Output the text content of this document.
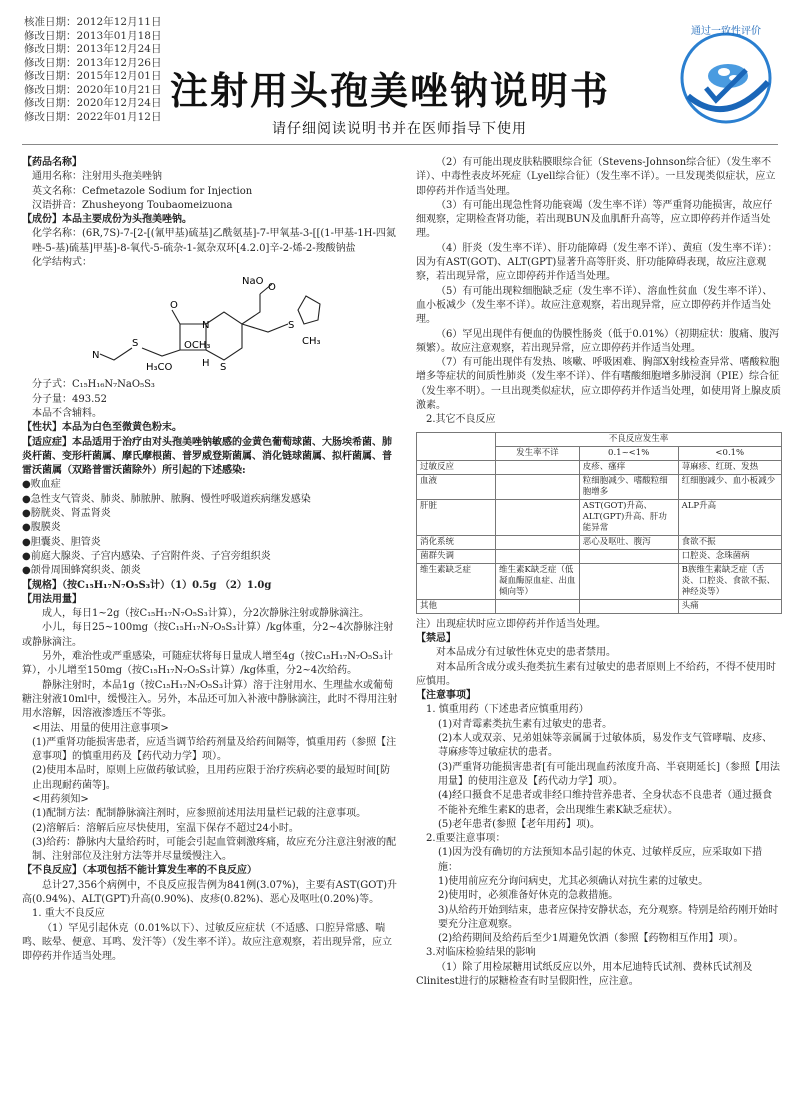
核准日期：2012年12月11日
修改日期：2013年01月18日
修改日期：2013年12月24日
修改日期：2013年12月26日
修改日期：2015年12月01日
修改日期：2020年10月21日
修改日期：2020年12月24日
修改日期：2022年01月12日
通过一致性评价
注射用头孢美唑钠说明书
请仔细阅读说明书并在医师指导下使用

【药品名称】

通用名称：注射用头孢美唑钠

英文名称：Cefmetazole Sodium for Injection

汉语拼音：Zhusheyong Toubaomeizuona

【成份】本品主要成份为头孢美唑钠。

化学名称：(6R,7S)-7-[2-[(氰甲基)硫基]乙酰氨基]-7-甲氧基-3-[[(1-甲基-1H-四氮唑-5-基)硫基]甲基]-8-氧代-5-硫杂-1-氮杂双环[4.2.0]辛-2-烯-2-羧酸钠盐

化学结构式：

NaO
O
O
N
H S
OCH₃
H₃CO
S
S
N
CH₃

分子式：C₁₅H₁₆N₇NaO₅S₃

分子量：493.52

本品不含辅料。

【性状】本品为白色至微黄色粉末。

【适应症】本品适用于治疗由对头孢美唑钠敏感的金黄色葡萄球菌、大肠埃希菌、肺炎杆菌、变形杆菌属、摩氏摩根菌、普罗威登斯菌属、消化链球菌属、拟杆菌属、普雷沃菌属（双路普雷沃菌除外）所引起的下述感染:

●败血症

●急性支气管炎、肺炎、肺脓肿、脓胸、慢性呼吸道疾病继发感染

●膀胱炎、肾盂肾炎

●腹膜炎

●胆囊炎、胆管炎

●前庭大腺炎、子宫内感染、子宫附件炎、子宫旁组织炎

●颌骨周围蜂窝织炎、颌炎

【规格】（按C₁₅H₁₇N₇O₅S₃计）（1）0.5g （2）1.0g

【用法用量】

成人，每日1~2g（按C₁₅H₁₇N₇O₅S₃计算），分2次静脉注射或静脉滴注。

小儿，每日25~100mg（按C₁₅H₁₇N₇O₅S₃计算）/kg体重，分2~4次静脉注射或静脉滴注。

另外，难治性或严重感染，可随症状将每日量成人增至4g（按C₁₅H₁₇N₇O₅S₃计算），小儿增至150mg（按C₁₅H₁₇N₇O₅S₃计算）/kg体重，分2~4次给药。

静脉注射时，本品1g（按C₁₅H₁₇N₇O₅S₃计算）溶于注射用水、生理盐水或葡萄糖注射液10ml中，缓慢注入。另外，本品还可加入补液中静脉滴注，此时不得用注射用水溶解，因溶液渗透压不等张。

<用法、用量的使用注意事项>

(1)严重肾功能损害患者，应适当调节给药剂量及给药间隔等，慎重用药（参照【注意事项】的慎重用药及【药代动力学】项）。

(2)使用本品时，原则上应做药敏试验，且用药应限于治疗疾病必要的最短时间[防止出现耐药菌等]。

<用药须知>

(1)配制方法：配制静脉滴注剂时，应参照前述用法用量栏记载的注意事项。

(2)溶解后：溶解后应尽快使用，室温下保存不超过24小时。

(3)给药：静脉内大量给药时，可能会引起血管刺激疼痛，故应充分注意注射液的配制、注射部位及注射方法等并尽量缓慢注入。

【不良反应】（本项包括不能计算发生率的不良反应）

总计27,356个病例中，不良反应报告例为841例(3.07%)，主要有AST(GOT)升高(0.94%)、ALT(GPT)升高(0.90%)、皮疹(0.82%)、恶心及呕吐(0.20%)等。

1. 重大不良反应

（1）罕见引起休克（0.01%以下）、过敏反应症状（不适感、口腔异常感、喘鸣、眩晕、便意、耳鸣、发汗等）（发生率不详）。故应注意观察，若出现异常，应立即停药并作适当处理。

（2）有可能出现皮肤粘膜眼综合征（Stevens-Johnson综合征）（发生率不详）、中毒性表皮坏死症（Lyell综合征）（发生率不详）。一旦发现类似症状，应立即停药并作适当处理。

（3）有可能出现急性肾功能衰竭（发生率不详）等严重肾功能损害，故应仔细观察，定期检查肾功能，若出现BUN及血肌酐升高等，应立即停药并作适当处理。

（4）肝炎（发生率不详）、肝功能障碍（发生率不详）、黄疸（发生率不详）：因为有AST(GOT)、ALT(GPT)显著升高等肝炎、肝功能障碍表现，故应注意观察，若出现异常，应立即停药并作适当处理。

（5）有可能出现粒细胞缺乏症（发生率不详）、溶血性贫血（发生率不详）、血小板减少（发生率不详）。故应注意观察，若出现异常，应立即停药并作适当处理。

（6）罕见出现伴有便血的伪膜性肠炎（低于0.01%）（初期症状：腹痛、腹泻频繁）。故应注意观察，若出现异常，应立即停药并作适当处理。

（7）有可能出现伴有发热、咳嗽、呼吸困难、胸部X射线检查异常、嗜酸粒胞增多等症状的间质性肺炎（发生率不详）、伴有嗜酸细胞增多肺浸润（PIE）综合征（发生率不明）。一旦出现类似症状，应立即停药并作适当处理，如使用肾上腺皮质激素。

2.其它不良反应

	不良反应发生率		
	发生率不详	0.1~<1%	<0.1%
过敏反应		皮疹、瘙痒	荨麻疹、红斑、发热
血液		粒细胞减少、嗜酸粒细胞增多	红细胞减少、血小板减少
肝脏		AST(GOT)升高、ALT(GPT)升高、肝功能异常	ALP升高
消化系统		恶心及呕吐、腹泻	食欲不振
菌群失调			口腔炎、念珠菌病
维生素缺乏症	维生素K缺乏症（低凝血酶原血症、出血倾向等）		B族维生素缺乏症（舌炎、口腔炎、食欲不振、神经炎等）
其他			头痛

注）出现症状时应立即停药并作适当处理。

【禁忌】

对本品成分有过敏性休克史的患者禁用。

对本品所含成分或头孢类抗生素有过敏史的患者原则上不给药，不得不使用时应慎用。

【注意事项】

1. 慎重用药（下述患者应慎重用药）

(1)对青霉素类抗生素有过敏史的患者。

(2)本人或双亲、兄弟姐妹等亲属属于过敏体质，易发作支气管哮喘、皮疹、荨麻疹等过敏症状的患者。

(3)严重肾功能损害患者[有可能出现血药浓度升高、半衰期延长]（参照【用法用量】的使用注意及【药代动力学】项）。

(4)经口摄食不足患者或非经口维持营养患者、全身状态不良患者（通过摄食不能补充维生素K的患者，会出现维生素K缺乏症状）。

(5)老年患者(参照【老年用药】项)。

2.重要注意事项：

(1)因为没有确切的方法预知本品引起的休克、过敏样反应，应采取如下措施：

1)使用前应充分询问病史，尤其必须确认对抗生素的过敏史。

2)使用时，必须准备好休克的急救措施。

3)从给药开始到结束，患者应保持安静状态，充分观察。特别是给药刚开始时要充分注意观察。

(2)给药期间及给药后至少1周避免饮酒（参照【药物相互作用】项）。

3.对临床检验结果的影响

（1）除了用检尿糖用试纸反应以外，用本尼迪特氏试剂、费林氏试剂及Clinitest进行的尿糖检查有时呈假阳性，应注意。
